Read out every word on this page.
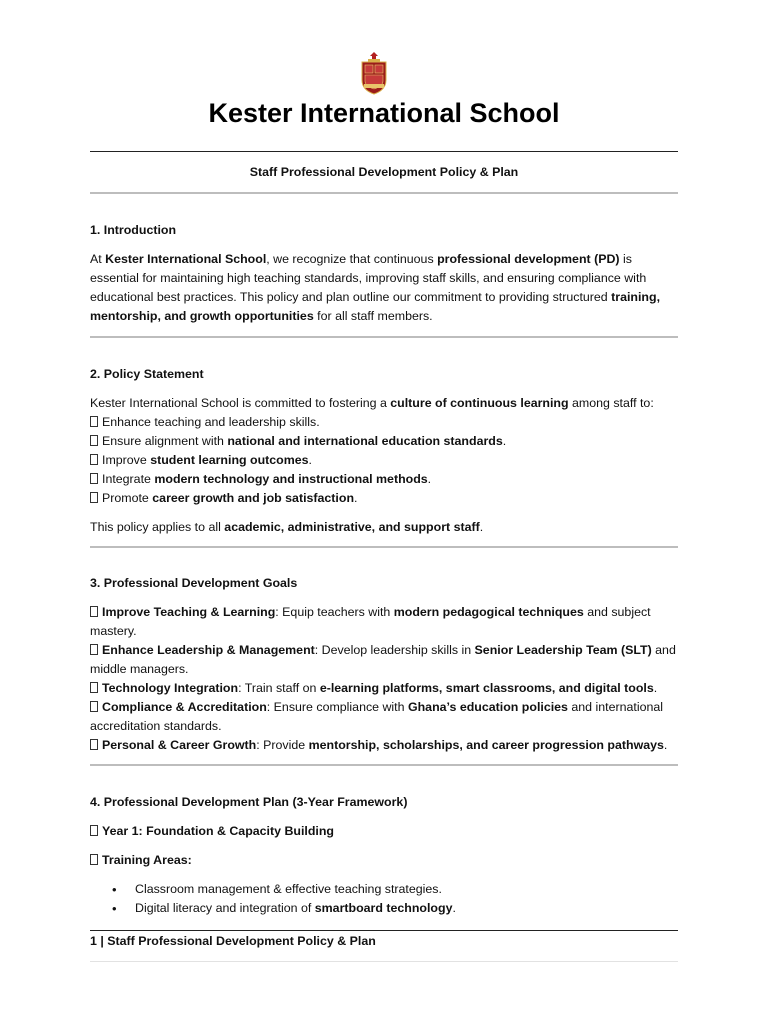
Kester International School
Staff Professional Development Policy & Plan

1. Introduction

At Kester International School, we recognize that continuous professional development (PD) is essential for maintaining high teaching standards, improving staff skills, and ensuring compliance with educational best practices. This policy and plan outline our commitment to providing structured training, mentorship, and growth opportunities for all staff members.

2. Policy Statement

Kester International School is committed to fostering a culture of continuous learning among staff to:

Enhance teaching and leadership skills.
Ensure alignment with national and international education standards.
Improve student learning outcomes.
Integrate modern technology and instructional methods.
Promote career growth and job satisfaction.

This policy applies to all academic, administrative, and support staff.

3. Professional Development Goals

Improve Teaching & Learning: Equip teachers with modern pedagogical techniques and subject mastery.
Enhance Leadership & Management: Develop leadership skills in Senior Leadership Team (SLT) and middle managers.
Technology Integration: Train staff on e-learning platforms, smart classrooms, and digital tools.
Compliance & Accreditation: Ensure compliance with Ghana’s education policies and international accreditation standards.
Personal & Career Growth: Provide mentorship, scholarships, and career progression pathways.

4. Professional Development Plan (3-Year Framework)

Year 1: Foundation & Capacity Building

Training Areas:

• Classroom management & effective teaching strategies.
• Digital literacy and integration of smartboard technology.
1 | Staff Professional Development Policy & Plan
